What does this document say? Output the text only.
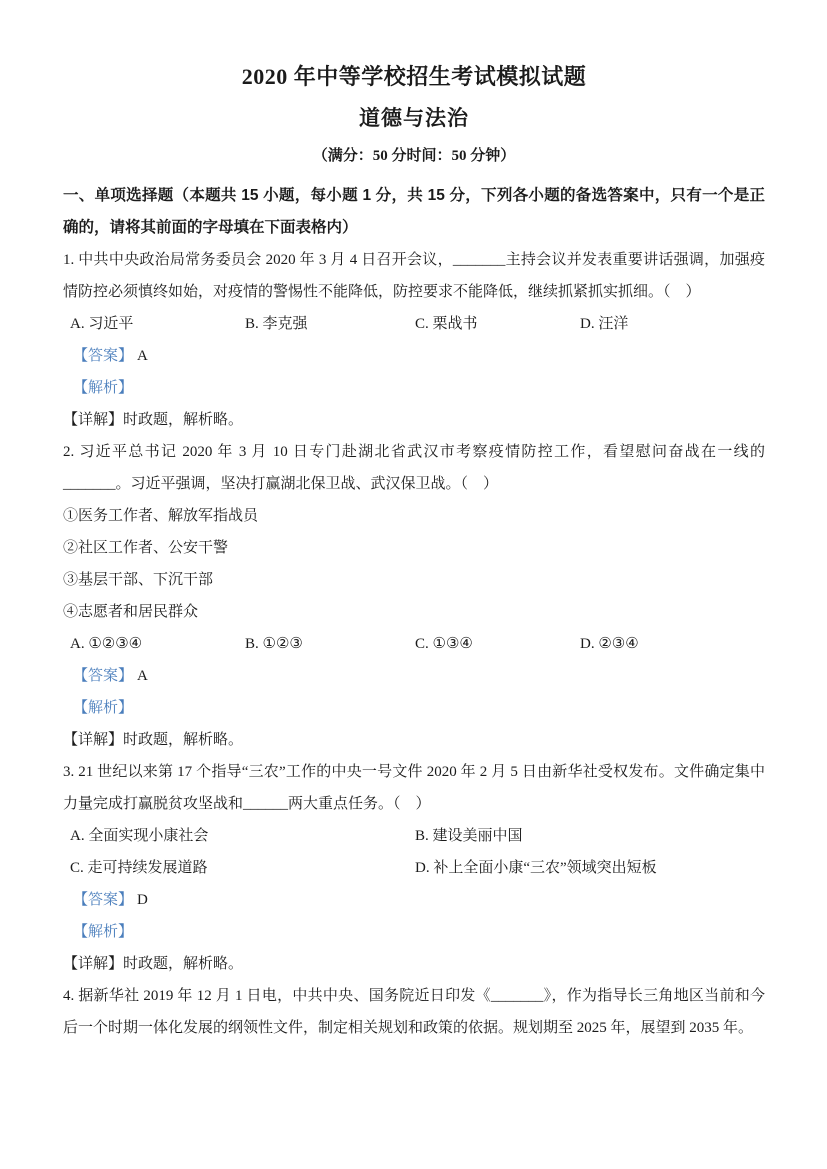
2020 年中等学校招生考试模拟试题
道德与法治

（满分：50 分时间：50 分钟）

一、单项选择题（本题共 15 小题，每小题 1 分，共 15 分，下列各小题的备选答案中，只有一个是正确的，请将其前面的字母填在下面表格内）

1. 中共中央政治局常务委员会 2020 年 3 月 4 日召开会议，_______主持会议并发表重要讲话强调，加强疫情防控必须慎终如始，对疫情的警惕性不能降低，防控要求不能降低，继续抓紧抓实抓细。（　）

A. 习近平	B. 李克强	C. 栗战书	D. 汪洋

【答案】 A

【解析】

【详解】时政题，解析略。

2. 习近平总书记 2020 年 3 月 10 日专门赴湖北省武汉市考察疫情防控工作，看望慰问奋战在一线的_______。习近平强调，坚决打赢湖北保卫战、武汉保卫战。（　）

①医务工作者、解放军指战员

②社区工作者、公安干警

③基层干部、下沉干部

④志愿者和居民群众

A. ①②③④	B. ①②③	C. ①③④	D. ②③④

【答案】 A

【解析】

【详解】时政题，解析略。

3. 21 世纪以来第 17 个指导“三农”工作的中央一号文件 2020 年 2 月 5 日由新华社受权发布。文件确定集中力量完成打赢脱贫攻坚战和______两大重点任务。（　）

A. 全面实现小康社会	B. 建设美丽中国
C. 走可持续发展道路	D. 补上全面小康“三农”领域突出短板

【答案】 D

【解析】

【详解】时政题，解析略。

4. 据新华社 2019 年 12 月 1 日电，中共中央、国务院近日印发《_______》，作为指导长三角地区当前和今后一个时期一体化发展的纲领性文件，制定相关规划和政策的依据。规划期至 2025 年，展望到 2035 年。
